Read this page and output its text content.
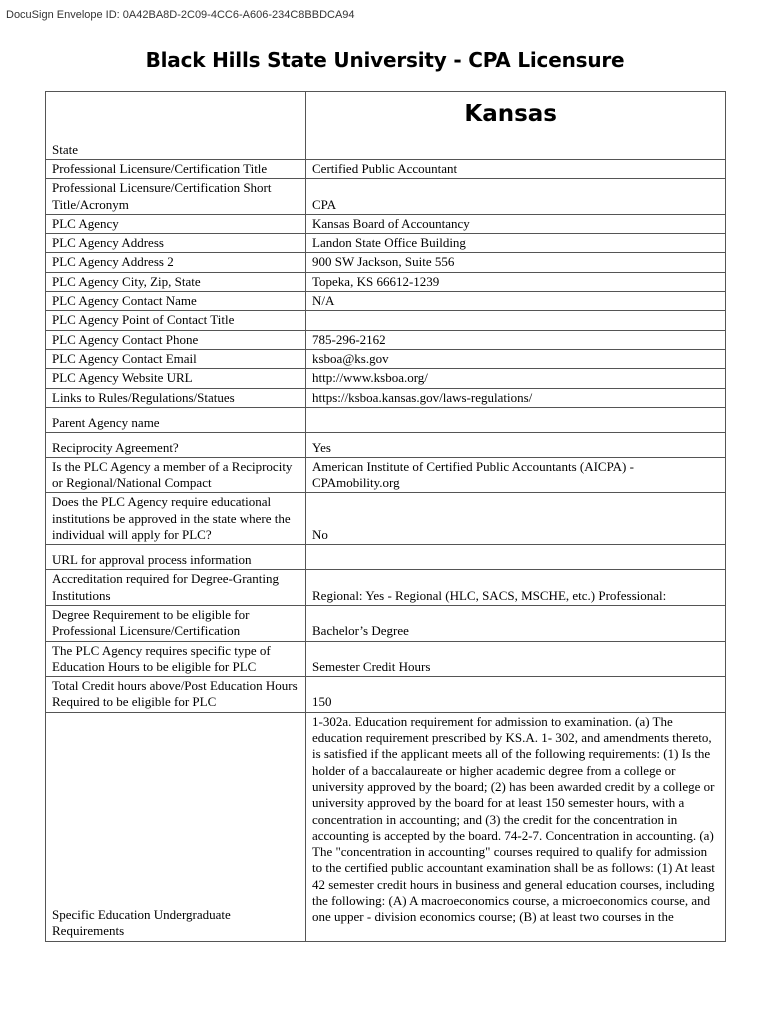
DocuSign Envelope ID: 0A42BA8D-2C09-4CC6-A606-234C8BBDCA94
Black Hills State University - CPA Licensure
State	Kansas
Professional Licensure/Certification Title	Certified Public Accountant
Professional Licensure/Certification Short Title/Acronym	CPA
PLC Agency	Kansas Board of Accountancy
PLC Agency Address	Landon State Office Building
PLC Agency Address 2	900 SW Jackson, Suite 556
PLC Agency City, Zip, State	Topeka, KS 66612-1239
PLC Agency Contact Name	N/A
PLC Agency Point of Contact Title	
PLC Agency Contact Phone	785-296-2162
PLC Agency Contact Email	ksboa@ks.gov
PLC Agency Website URL	http://www.ksboa.org/
Links to Rules/Regulations/Statues	https://ksboa.kansas.gov/laws-regulations/
Parent Agency name	
Reciprocity Agreement?	Yes
Is the PLC Agency a member of a Reciprocity or Regional/National Compact	American Institute of Certified Public Accountants (AICPA) - CPAmobility.org
Does the PLC Agency require educational institutions be approved in the state where the individual will apply for PLC?	No
URL for approval process information	
Accreditation required for Degree-Granting Institutions	Regional: Yes - Regional (HLC, SACS, MSCHE, etc.) Professional:
Degree Requirement to be eligible for Professional Licensure/Certification	Bachelor’s Degree
The PLC Agency requires specific type of Education Hours to be eligible for PLC	Semester Credit Hours
Total Credit hours above/Post Education Hours Required to be eligible for PLC	150
Specific Education Undergraduate Requirements	1-302a. Education requirement for admission to examination. (a) The education requirement prescribed by KS.A. 1- 302, and amendments thereto, is satisfied if the applicant meets all of the following requirements: (1) Is the holder of a baccalaureate or higher academic degree from a college or university approved by the board; (2) has been awarded credit by a college or university approved by the board for at least 150 semester hours, with a concentration in accounting; and (3) the credit for the concentration in accounting is accepted by the board. 74-2-7. Concentration in accounting. (a) The "concentration in accounting" courses required to qualify for admission to the certified public accountant examination shall be as follows: (1) At least 42 semester credit hours in business and general education courses, including the following: (A) A macroeconomics course, a microeconomics course, and one upper - division economics course; (B) at least two courses in the
